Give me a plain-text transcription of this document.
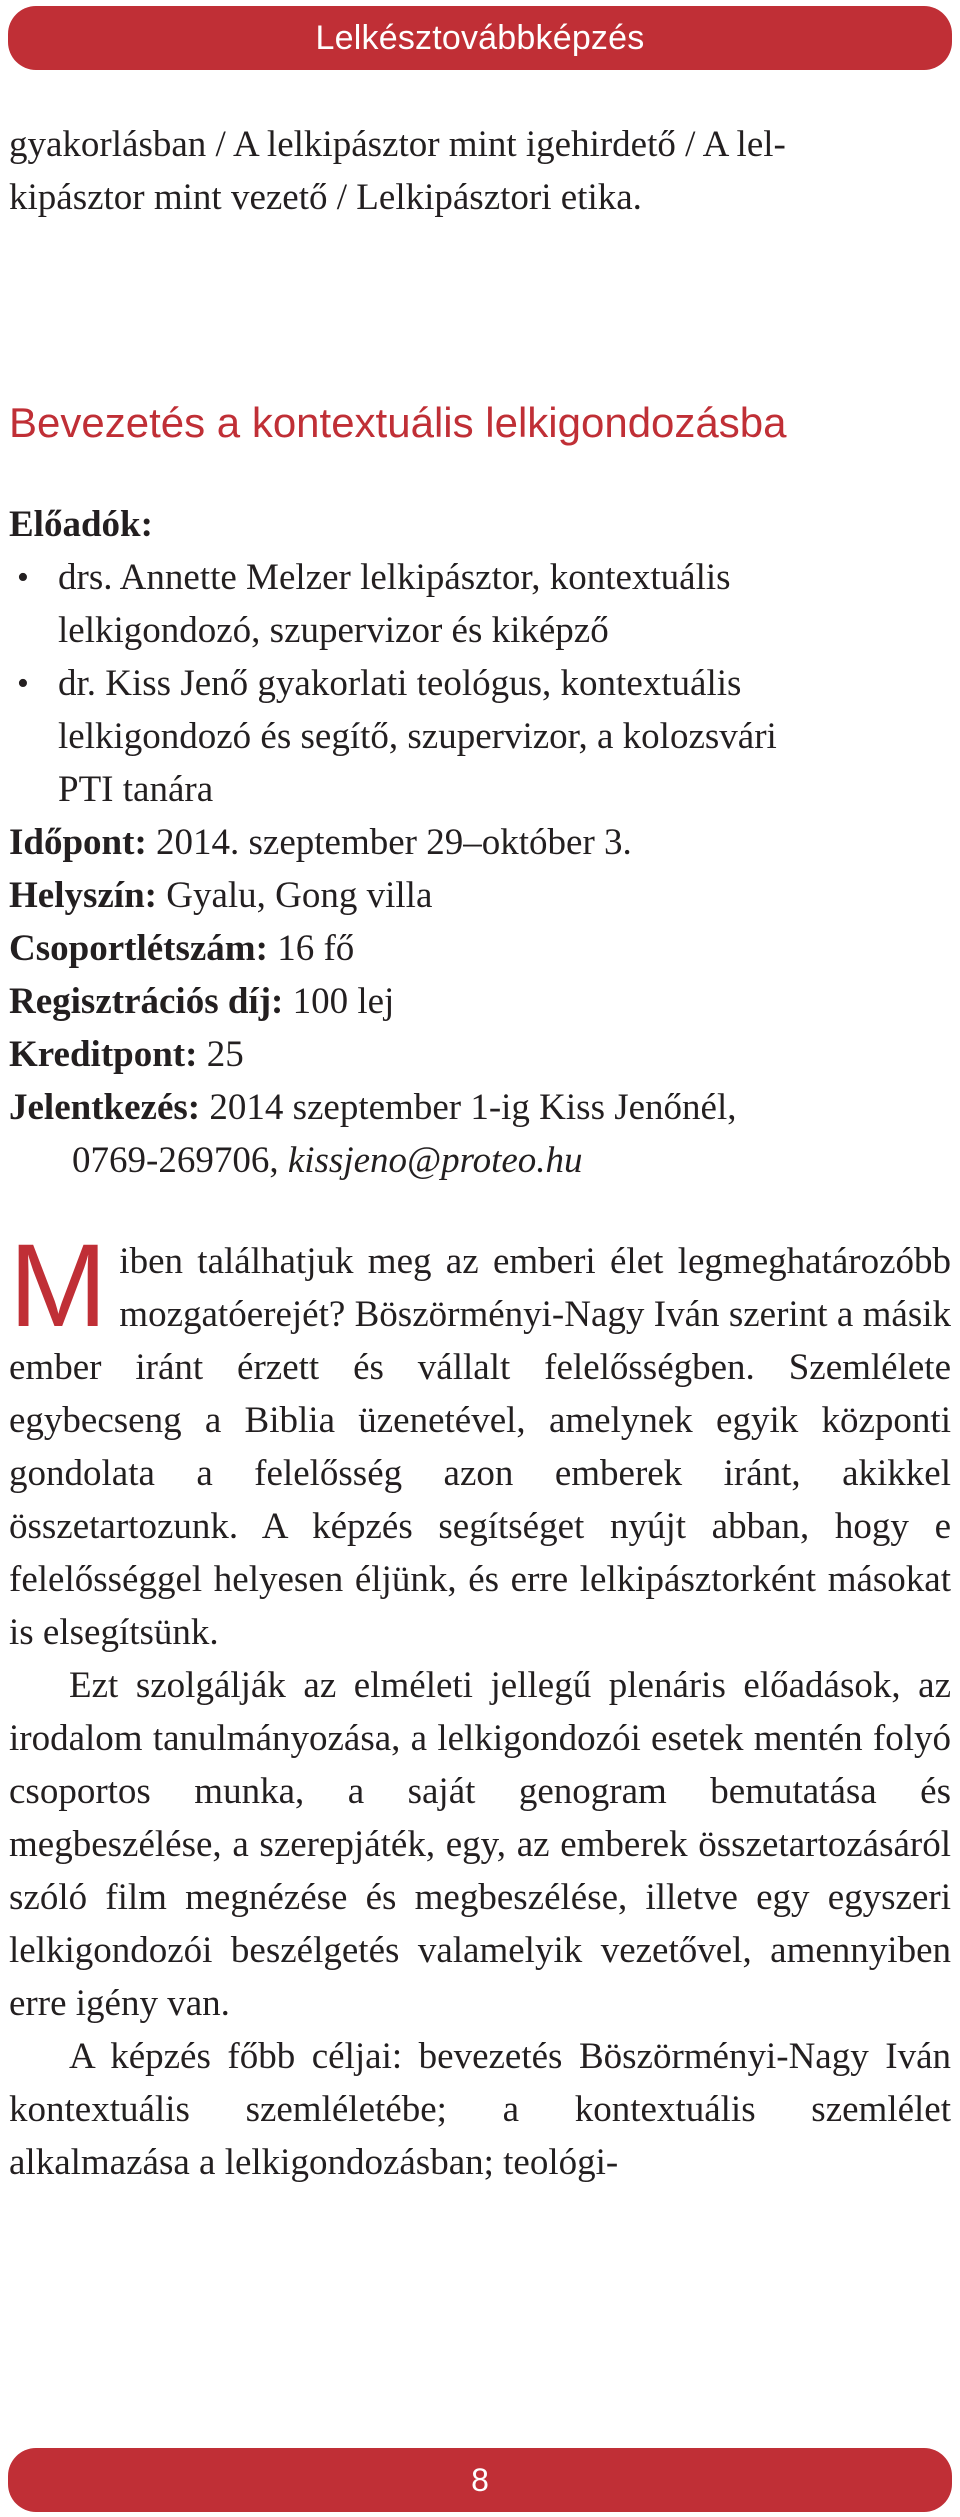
Lelkésztovábbképzés

gyakorlásban / A lelkipásztor mint igehirdető / A lel-

kipásztor mint vezető / Lelkipásztori etika.

Bevezetés a kontextuális lelkigondozásba
Előadók:
• drs. Annette Melzer lelkipásztor, kontextuális
lelkigondozó, szupervizor és kiképző
• dr. Kiss Jenő gyakorlati teológus, kontextuális
lelkigondozó és segítő, szupervizor, a kolozsvári
PTI tanára

Időpont: 2014. szeptember 29–október 3.

Helyszín: Gyalu, Gong villa

Csoportlétszám: 16 fő

Regisztrációs díj: 100 lej

Kreditpont: 25

Jelentkezés: 2014 szeptember 1-ig Kiss Jenőnél,

0769-269706, kissjeno@proteo.hu

Miben találhatjuk meg az emberi élet legmeghatározóbb mozgatóerejét? Böszörményi-Nagy Iván szerint a másik ember iránt érzett és vállalt felelősségben. Szemlélete egybecseng a Biblia üzenetével, amelynek egyik központi gondolata a felelősség azon emberek iránt, akikkel összetartozunk. A képzés segítséget nyújt abban, hogy e felelősséggel helyesen éljünk, és erre lelkipásztorként másokat is elsegítsünk.

Ezt szolgálják az elméleti jellegű plenáris előadások, az irodalom tanulmányozása, a lelkigondozói esetek mentén folyó csoportos munka, a saját genogram bemutatása és megbeszélése, a szerepjáték, egy, az emberek összetartozásáról szóló film megnézése és megbeszélése, illetve egy egyszeri lelkigondozói beszélgetés valamelyik vezetővel, amennyiben erre igény van.

A képzés főbb céljai: bevezetés Böszörményi-Nagy Iván kontextuális szemléletébe; a kontextuális szemlélet alkalmazása a lelkigondozásban; teológi-

8
